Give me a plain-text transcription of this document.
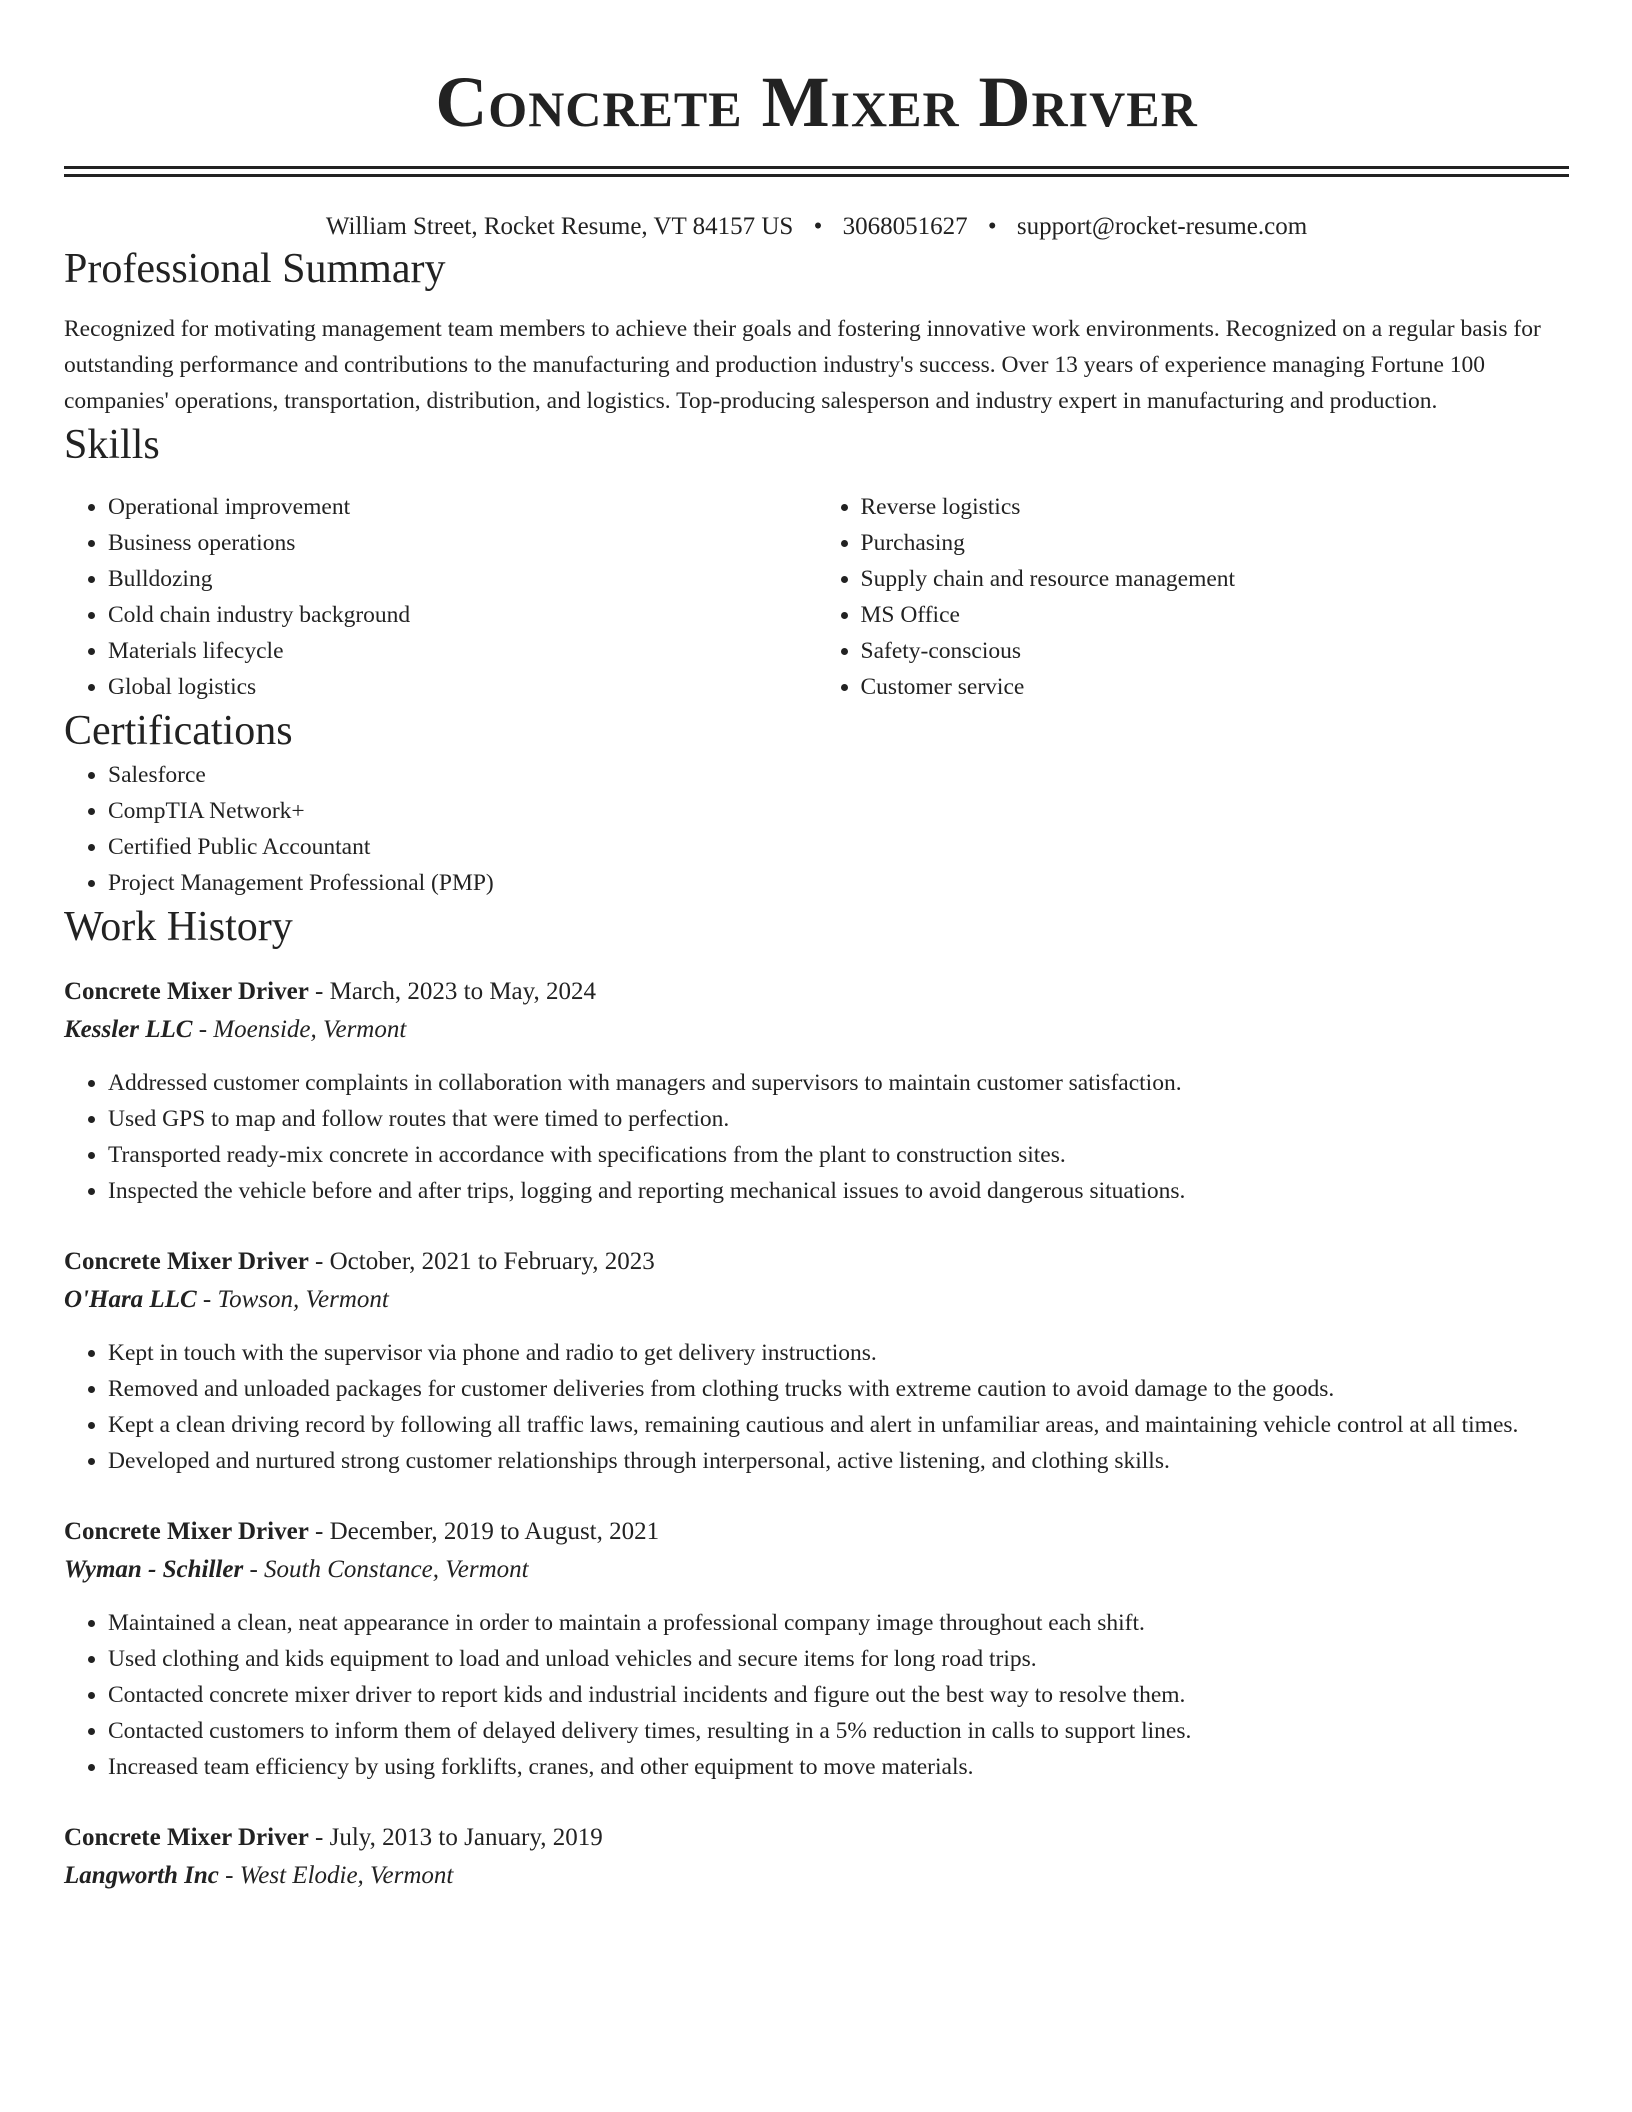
Concrete Mixer Driver
William Street, Rocket Resume, VT 84157 US • 3068051627 • support@rocket-resume.com
Professional Summary

Recognized for motivating management team members to achieve their goals and fostering innovative work environments. Recognized on a regular basis for outstanding performance and contributions to the manufacturing and production industry's success. Over 13 years of experience managing Fortune 100 companies' operations, transportation, distribution, and logistics. Top-producing salesperson and industry expert in manufacturing and production.

Skills
• Operational improvement
• Business operations
• Bulldozing
• Cold chain industry background
• Materials lifecycle
• Global logistics
• Reverse logistics
• Purchasing
• Supply chain and resource management
• MS Office
• Safety-conscious
• Customer service
Certifications
• Salesforce
• CompTIA Network+
• Certified Public Accountant
• Project Management Professional (PMP)
Work History
Concrete Mixer Driver - March, 2023 to May, 2024
Kessler LLC - Moenside, Vermont
• Addressed customer complaints in collaboration with managers and supervisors to maintain customer satisfaction.
• Used GPS to map and follow routes that were timed to perfection.
• Transported ready-mix concrete in accordance with specifications from the plant to construction sites.
• Inspected the vehicle before and after trips, logging and reporting mechanical issues to avoid dangerous situations.
Concrete Mixer Driver - October, 2021 to February, 2023
O'Hara LLC - Towson, Vermont
• Kept in touch with the supervisor via phone and radio to get delivery instructions.
• Removed and unloaded packages for customer deliveries from clothing trucks with extreme caution to avoid damage to the goods.
• Kept a clean driving record by following all traffic laws, remaining cautious and alert in unfamiliar areas, and maintaining vehicle control at all times.
• Developed and nurtured strong customer relationships through interpersonal, active listening, and clothing skills.
Concrete Mixer Driver - December, 2019 to August, 2021
Wyman - Schiller - South Constance, Vermont
• Maintained a clean, neat appearance in order to maintain a professional company image throughout each shift.
• Used clothing and kids equipment to load and unload vehicles and secure items for long road trips.
• Contacted concrete mixer driver to report kids and industrial incidents and figure out the best way to resolve them.
• Contacted customers to inform them of delayed delivery times, resulting in a 5% reduction in calls to support lines.
• Increased team efficiency by using forklifts, cranes, and other equipment to move materials.
Concrete Mixer Driver - July, 2013 to January, 2019
Langworth Inc - West Elodie, Vermont
